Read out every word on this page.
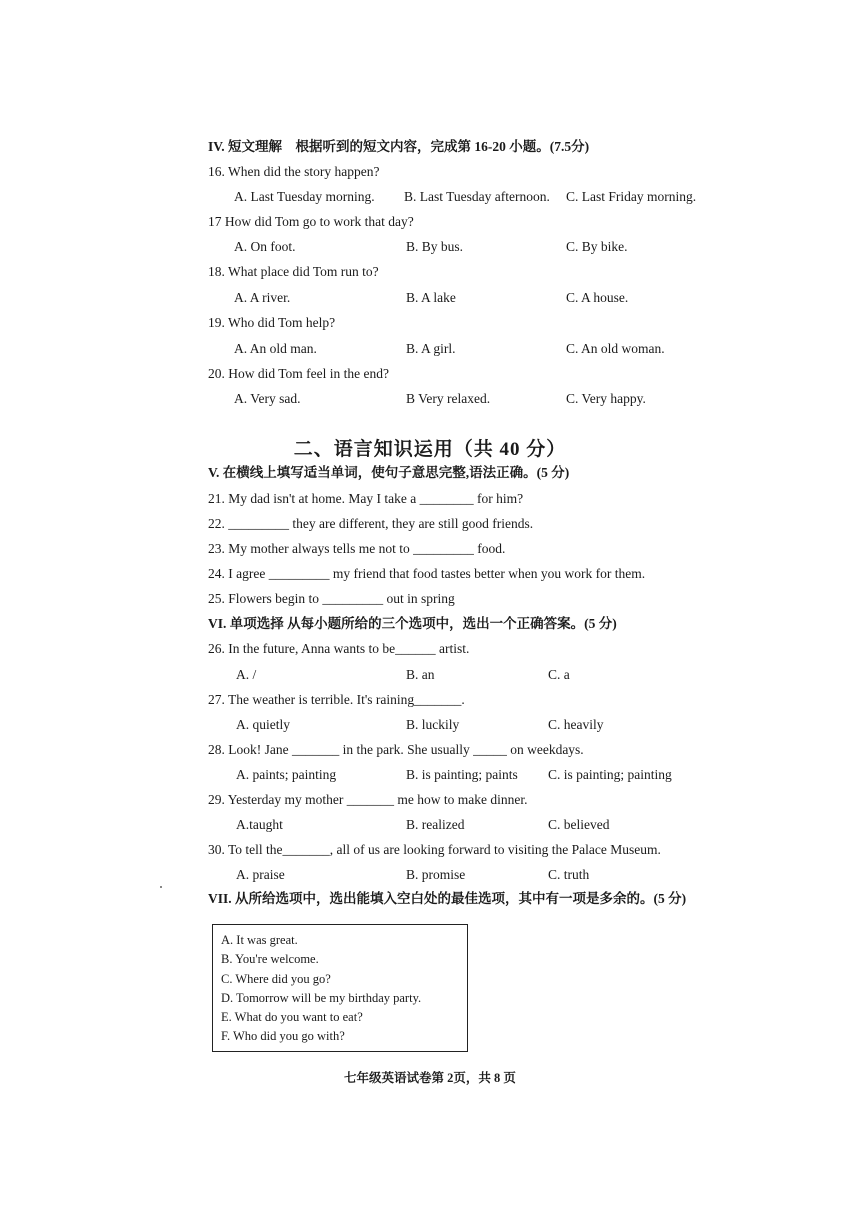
IV. 短文理解　根据听到的短文内容，完成第 16-20 小题。(7.5分)
16. When did the story happen?
A. Last Tuesday morning. B. Last Tuesday afternoon. C. Last Friday morning.
17 How did Tom go to work that day?
A. On foot.	B. By bus.	C. By bike.
18. What place did Tom run to?
A. A river.	B. A lake	C. A house.
19. Who did Tom help?
A. An old man.	B. A girl.	C. An old woman.
20. How did Tom feel in the end?
A. Very sad.	B Very relaxed.	C. Very happy.
二、语言知识运用（共 40 分）
V. 在横线上填写适当单词，使句子意思完整,语法正确。(5 分)
21. My dad isn't at home. May I take a ________ for him?
22. _________ they are different, they are still good friends.
23. My mother always tells me not to _________ food.
24. I agree _________ my friend that food tastes better when you work for them.
25. Flowers begin to _________ out in spring
VI. 单项选择 从每小题所给的三个选项中，选出一个正确答案。(5 分)
26. In the future, Anna wants to be______ artist.
A. /	B. an	C. a
27. The weather is terrible. It's raining_______.
A. quietly	B. luckily	C. heavily
28. Look! Jane _______ in the park. She usually _____ on weekdays.
A. paints; painting	B. is painting; paints C. is painting; painting
29. Yesterday my mother _______ me how to make dinner.
A.taught	B. realized	C. believed
30. To tell the_______, all of us are looking forward to visiting the Palace Museum.
A. praise	B. promise	C. truth
VII. 从所给选项中，选出能填入空白处的最佳选项，其中有一项是多余的。(5 分)
A. It was great.
B. You're welcome.
C. Where did you go?
D. Tomorrow will be my birthday party.
E. What do you want to eat?
F. Who did you go with?
七年级英语试卷第 2页，共 8 页
